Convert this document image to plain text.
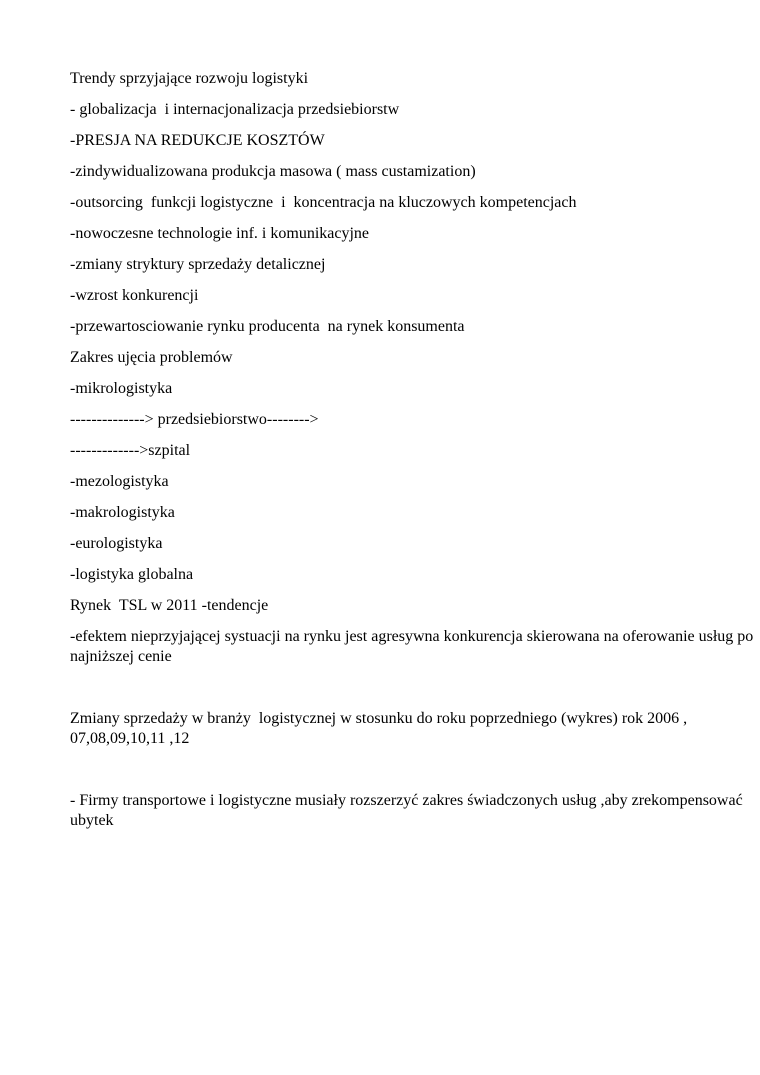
Trendy sprzyjające rozwoju logistyki

- globalizacja  i internacjonalizacja przedsiebiorstw

-PRESJA NA REDUKCJE KOSZTÓW

-zindywidualizowana produkcja masowa ( mass custamization)

-outsorcing  funkcji logistyczne  i  koncentracja na kluczowych kompetencjach

-nowoczesne technologie inf. i komunikacyjne

-zmiany stryktury sprzedaży detalicznej

-wzrost konkurencji

-przewartosciowanie rynku producenta  na rynek konsumenta

Zakres ujęcia problemów

-mikrologistyka

--------------> przedsiebiorstwo-------->

------------->szpital

-mezologistyka

-makrologistyka

-eurologistyka

-logistyka globalna

Rynek  TSL w 2011 -tendencje

-efektem nieprzyjającej systuacji na rynku jest agresywna konkurencja skierowana na oferowanie usług po
najniższej cenie

Zmiany sprzedaży w branży  logistycznej w stosunku do roku poprzedniego (wykres) rok 2006 ,
07,08,09,10,11 ,12

- Firmy transportowe i logistyczne musiały rozszerzyć zakres świadczonych usług ,aby zrekompensować
ubytek
